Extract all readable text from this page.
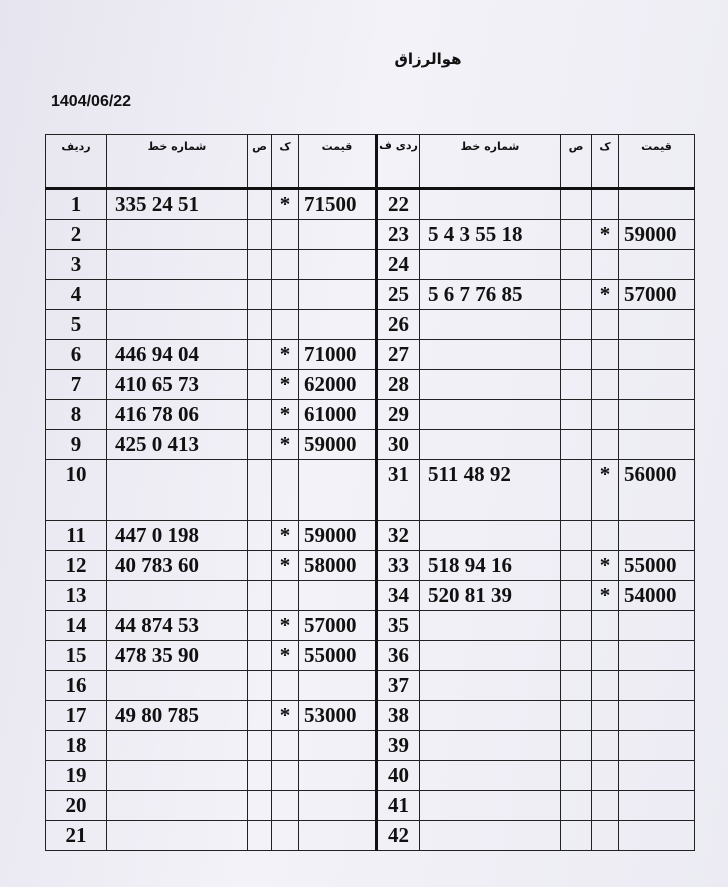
هوالرزاق
1404/06/22
ردیف	شماره خط	ص	ک	قیمت	ردی ف	شماره خط	ص	ک	قیمت
1	335 24 51		*	71500	22				
2					23	5 4 3 55 18		*	59000
3					24				
4					25	5 6 7 76 85		*	57000
5					26				
6	446 94 04		*	71000	27				
7	410 65 73		*	62000	28				
8	416 78 06		*	61000	29				
9	425 0 413		*	59000	30				
10					31	511 48 92		*	56000
11	447 0 198		*	59000	32				
12	40 783 60		*	58000	33	518 94 16		*	55000
13					34	520 81 39		*	54000
14	44 874 53		*	57000	35				
15	478 35 90		*	55000	36				
16					37				
17	49 80 785		*	53000	38				
18					39				
19					40				
20					41				
21					42				
